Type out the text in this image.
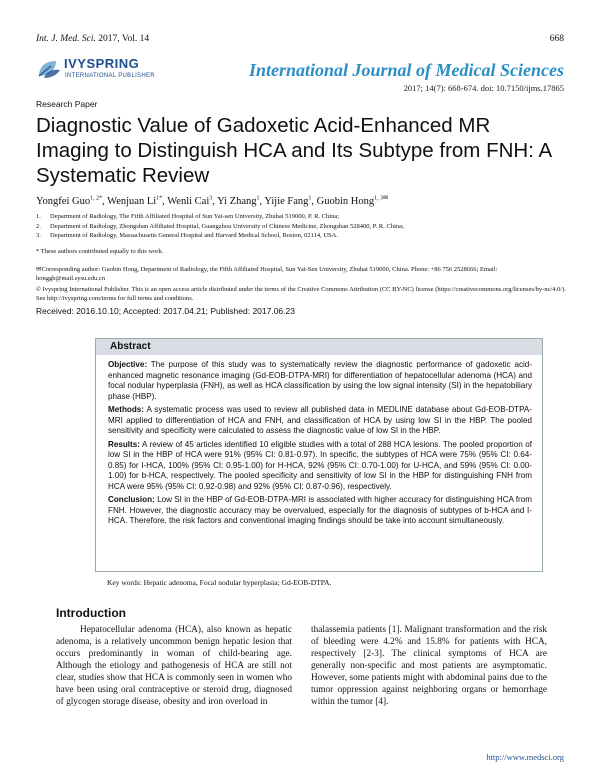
Int. J. Med. Sci. 2017, Vol. 14	668
IVYSPRING
INTERNATIONAL PUBLISHER	International Journal of Medical Sciences
2017; 14(7): 668-674. doi: 10.7150/ijms.17865
Research Paper
Diagnostic Value of Gadoxetic Acid-Enhanced MR Imaging to Distinguish HCA and Its Subtype from FNH: A Systematic Review
Yongfei Guo$^{1, 2*}$, Wenjuan $Li^{1*}$, Wenli Cai$^3$, Yi Zhang$^1$, Yijie Fang$^1$, Guobin Hong$^{1, 3✉}$
1.	Department of Radiology, The Fifth Affiliated Hospital of Sun Yat-sen University, Zhuhai 519000, P. R. China;
2.	Department of Radiology, Zhongshan Affiliated Hospital, Guangzhou University of Chinese Medicine, Zhongshan 528400, P. R. China;
3.	Department of Radiology, Massachusetts General Hospital and Harvard Medical School, Boston, 02114, USA.
* These authors contributed equally to this work.
✉Corresponding author: Guobin Hong, Department of Radiology, the Fifth Affiliated Hospital, Sun Yat-Sen University, Zhuhai 519000, China. Phone: +86 756 2528666; Email: honggb@mail.sysu.edu.cn
© Ivyspring International Publisher. This is an open access article distributed under the terms of the Creative Commons Attribution (CC BY-NC) license (https://creativecommons.org/licenses/by-nc/4.0/). See http://ivyspring.com/terms for full terms and conditions.
Received: 2016.10.10; Accepted: 2017.04.21; Published: 2017.06.23
Abstract

Objective: The purpose of this study was to systematically review the diagnostic performance of gadoxetic acid-enhanced magnetic resonance imaging (Gd-EOB-DTPA-MRI) for differentiation of hepatocellular adenoma (HCA) and focal nodular hyperplasia (FNH), as well as HCA classification by using the low signal intensity (SI) in the hepatobiliary phase (HBP).

Methods: A systematic process was used to review all published data in MEDLINE database about Gd-EOB-DTPA-MRI applied to differentiation of HCA and FNH, and classification of HCA by using low SI in the HBP. The pooled sensitivity and specificity were calculated to assess the diagnostic value of low SI in the HBP.

Results: A review of 45 articles identified 10 eligible studies with a total of 288 HCA lesions. The pooled proportion of low SI in the HBP of HCA were 91% (95% CI: 0.81-0.97). In specific, the subtypes of HCA were 75% (95% CI: 0.64-0.85) for I-HCA, 100% (95% CI: 0.95-1.00) for H-HCA, 92% (95% CI: 0.70-1.00) for U-HCA, and 59% (95% CI: 0.00-1.00) for b-HCA, respectively. The pooled specificity and sensitivity of low SI in the HBP for distinguishing FNH from HCA were 95% (95% CI: 0.92-0.98) and 92% (95% CI: 0.87-0.96), respectively.

Conclusion: Low SI in the HBP of Gd-EOB-DTPA-MRI is associated with higher accuracy for distinguishing HCA from FNH. However, the diagnostic accuracy may be overvalued, especially for the diagnosis of subtypes of b-HCA and I-HCA. Therefore, the risk factors and conventional imaging findings should be take into account simultaneously.

Key words: Hepatic adenoma, Focal nodular hyperplasia; Gd-EOB-DTPA.
Introduction

Hepatocellular adenoma (HCA), also known as hepatic adenoma, is a relatively uncommon benign hepatic lesion that occurs predominantly in woman of child-bearing age. Although the etiology and pathogenesis of HCA are still not clear, studies show that HCA is commonly seen in women who have been using oral contraceptive or steroid drug, diagnosed of glycogen storage disease, obesity and iron overload in

thalassemia patients [1]. Malignant transformation and the risk of bleeding were 4.2% and 15.8% for patients with HCA, respectively [2-3]. The clinical symptoms of HCA are generally non-specific and most patients are asymptomatic. However, some patients might with abdominal pains due to the tumor oppression against neighboring organs or hemorrhage within the tumor [4].

http://www.medsci.org
